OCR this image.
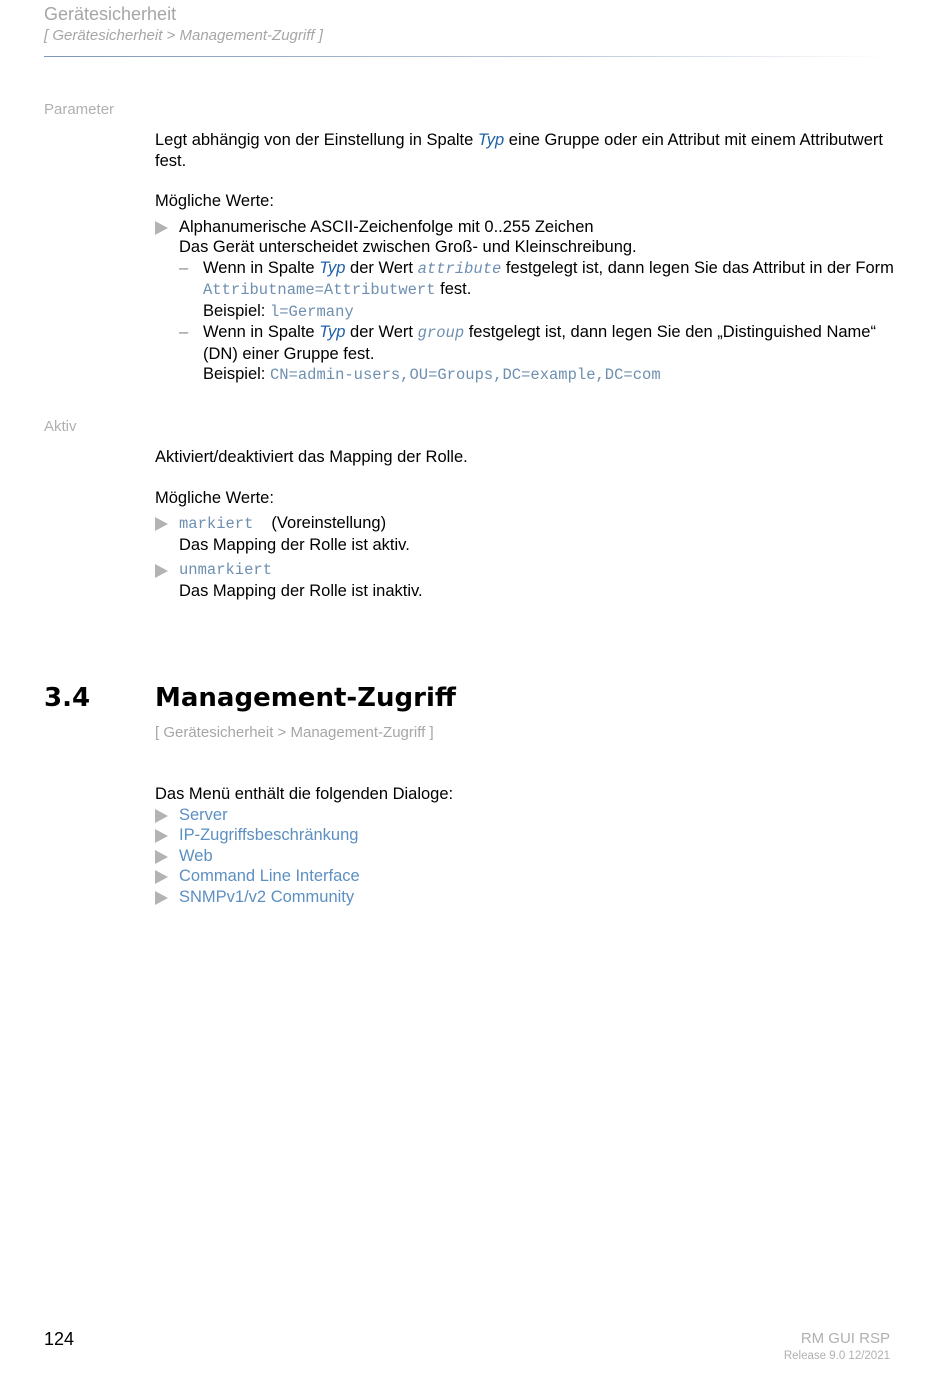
Gerätesicherheit
[ Gerätesicherheit > Management-Zugriff ]
Parameter

Legt abhängig von der Einstellung in Spalte Typ eine Gruppe oder ein Attribut mit einem Attributwert fest.

Mögliche Werte:

Alphanumerische ASCII-Zeichenfolge mit 0..255 Zeichen
Das Gerät unterscheidet zwischen Groß- und Kleinschreibung.
– Wenn in Spalte Typ der Wert attribute festgelegt ist, dann legen Sie das Attribut in der Form Attributname=Attributwert fest.
Beispiel: l=Germany
– Wenn in Spalte Typ der Wert group festgelegt ist, dann legen Sie den „Distinguished Name“ (DN) einer Gruppe fest.
Beispiel: CN=admin-users,OU=Groups,DC=example,DC=com
Aktiv

Aktiviert/deaktiviert das Mapping der Rolle.

Mögliche Werte:

markiert (Voreinstellung)
Das Mapping der Rolle ist aktiv.
unmarkiert
Das Mapping der Rolle ist inaktiv.
3.4 Management-Zugriff
[ Gerätesicherheit > Management-Zugriff ]

Das Menü enthält die folgenden Dialoge:

Server
IP-Zugriffsbeschränkung
Web
Command Line Interface
SNMPv1/v2 Community
124	RM GUI RSP
Release 9.0 12/2021
